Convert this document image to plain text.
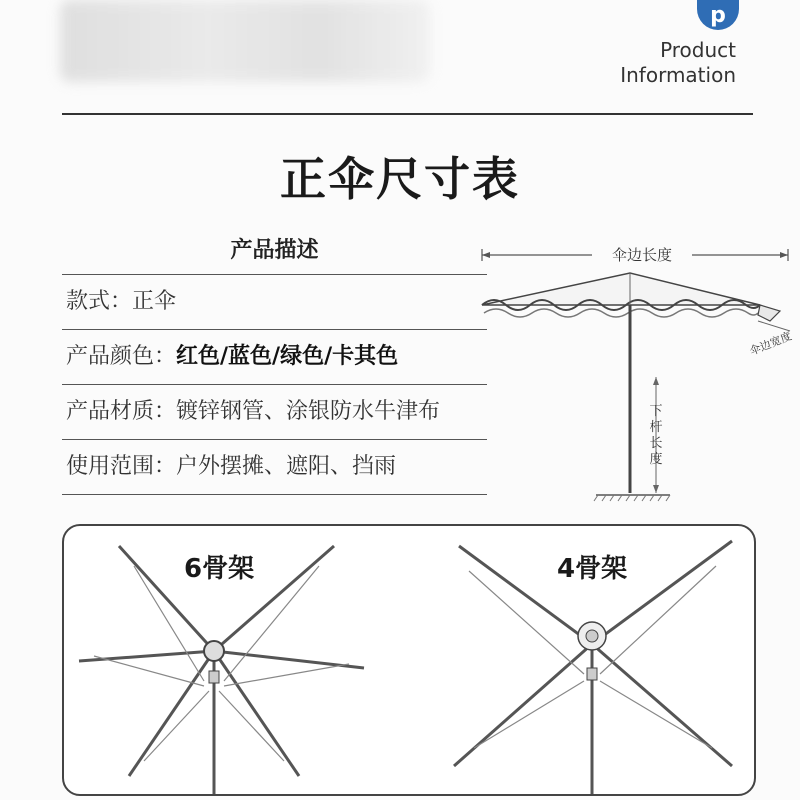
p
Product
Information
正伞尺寸表
产品描述
款式：正伞
产品颜色：红色/蓝色/绿色/卡其色
产品材质：镀锌钢管、涂银防水牛津布
使用范围：户外摆摊、遮阳、挡雨
伞边长度
伞边宽度
下
杆
长
度
6骨架	4骨架
